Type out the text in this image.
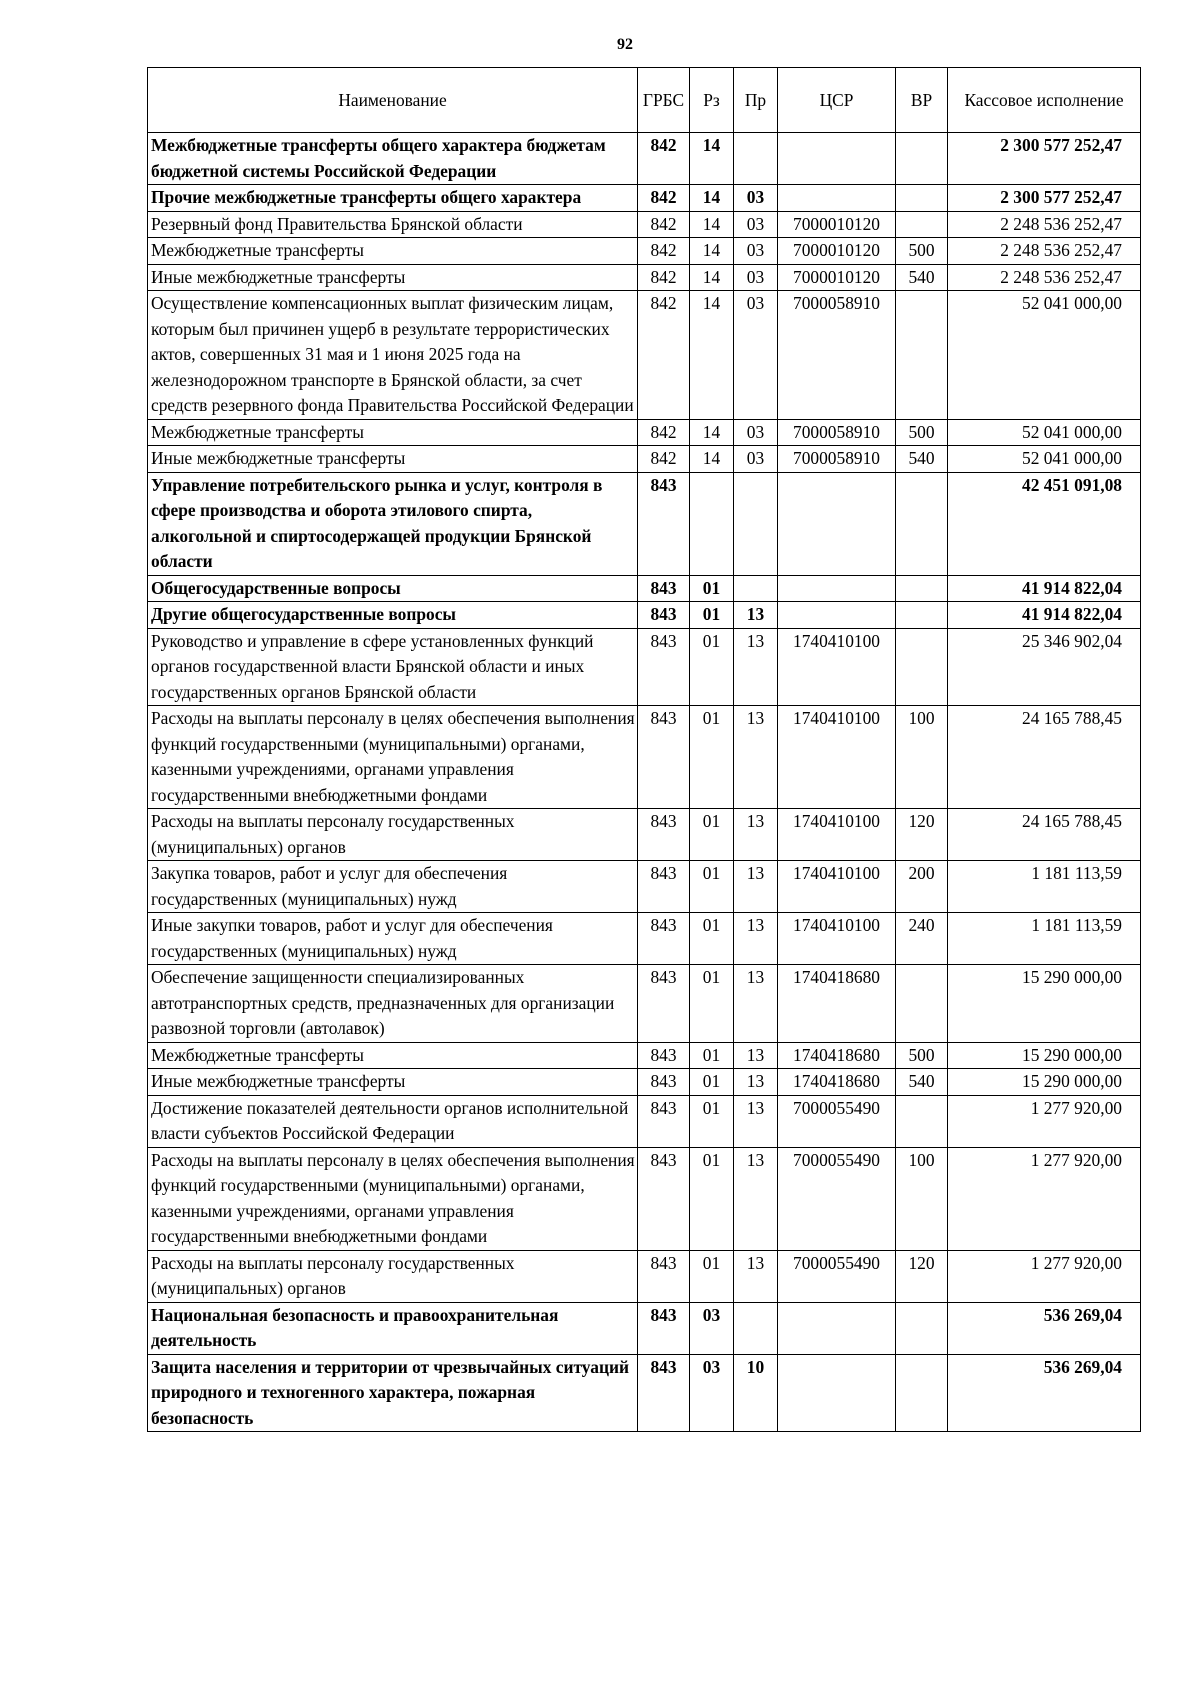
92
Наименование	ГРБС	Рз	Пр	ЦСР	ВР	Кассовое исполнение
Межбюджетные трансферты общего характера бюджетам бюджетной системы Российской Федерации	842	14				2 300 577 252,47
Прочие межбюджетные трансферты общего характера	842	14	03			2 300 577 252,47
Резервный фонд Правительства Брянской области	842	14	03	7000010120		2 248 536 252,47
Межбюджетные трансферты	842	14	03	7000010120	500	2 248 536 252,47
Иные межбюджетные трансферты	842	14	03	7000010120	540	2 248 536 252,47
Осуществление компенсационных выплат физическим лицам, которым был причинен ущерб в результате террористических актов, совершенных 31 мая и 1 июня 2025 года на железнодорожном транспорте в Брянской области, за счет средств резервного фонда Правительства Российской Федерации	842	14	03	7000058910		52 041 000,00
Межбюджетные трансферты	842	14	03	7000058910	500	52 041 000,00
Иные межбюджетные трансферты	842	14	03	7000058910	540	52 041 000,00
Управление потребительского рынка и услуг, контроля в сфере производства и оборота этилового спирта, алкогольной и спиртосодержащей продукции Брянской области	843					42 451 091,08
Общегосударственные вопросы	843	01				41 914 822,04
Другие общегосударственные вопросы	843	01	13			41 914 822,04
Руководство и управление в сфере установленных функций органов государственной власти Брянской области и иных государственных органов Брянской области	843	01	13	1740410100		25 346 902,04
Расходы на выплаты персоналу в целях обеспечения выполнения функций государственными (муниципальными) органами, казенными учреждениями, органами управления государственными внебюджетными фондами	843	01	13	1740410100	100	24 165 788,45
Расходы на выплаты персоналу государственных (муниципальных) органов	843	01	13	1740410100	120	24 165 788,45
Закупка товаров, работ и услуг для обеспечения государственных (муниципальных) нужд	843	01	13	1740410100	200	1 181 113,59
Иные закупки товаров, работ и услуг для обеспечения государственных (муниципальных) нужд	843	01	13	1740410100	240	1 181 113,59
Обеспечение защищенности специализированных автотранспортных средств, предназначенных для организации развозной торговли (автолавок)	843	01	13	1740418680		15 290 000,00
Межбюджетные трансферты	843	01	13	1740418680	500	15 290 000,00
Иные межбюджетные трансферты	843	01	13	1740418680	540	15 290 000,00
Достижение показателей деятельности органов исполнительной власти субъектов Российской Федерации	843	01	13	7000055490		1 277 920,00
Расходы на выплаты персоналу в целях обеспечения выполнения функций государственными (муниципальными) органами, казенными учреждениями, органами управления государственными внебюджетными фондами	843	01	13	7000055490	100	1 277 920,00
Расходы на выплаты персоналу государственных (муниципальных) органов	843	01	13	7000055490	120	1 277 920,00
Национальная безопасность и правоохранительная деятельность	843	03				536 269,04
Защита населения и территории от чрезвычайных ситуаций природного и техногенного характера, пожарная безопасность	843	03	10			536 269,04
